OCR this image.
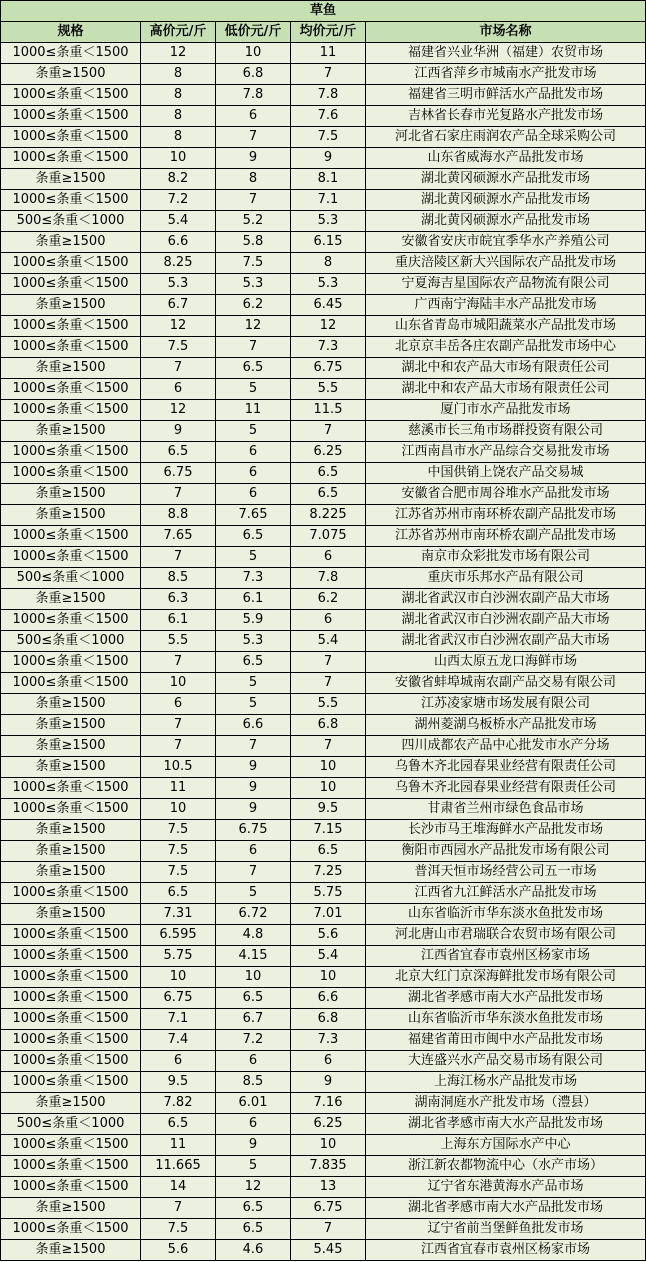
草鱼				
规格	高价元/斤	低价元/斤	均价元/斤	市场名称
1000≤条重＜1500	12	10	11	福建省兴业华洲（福建）农贸市场
条重≥1500	8	6.8	7	江西省萍乡市城南水产批发市场
1000≤条重＜1500	8	7.8	7.8	福建省三明市鲜活水产品批发市场
1000≤条重＜1500	8	6	7.6	吉林省长春市光复路水产批发市场
1000≤条重＜1500	8	7	7.5	河北省石家庄雨润农产品全球采购公司
1000≤条重＜1500	10	9	9	山东省威海水产品批发市场
条重≥1500	8.2	8	8.1	湖北黄冈硕源水产品批发市场
1000≤条重＜1500	7.2	7	7.1	湖北黄冈硕源水产品批发市场
500≤条重＜1000	5.4	5.2	5.3	湖北黄冈硕源水产品批发市场
条重≥1500	6.6	5.8	6.15	安徽省安庆市皖宜季华水产养殖公司
1000≤条重＜1500	8.25	7.5	8	重庆涪陵区新大兴国际农产品批发市场
1000≤条重＜1500	5.3	5.3	5.3	宁夏海吉星国际农产品物流有限公司
条重≥1500	6.7	6.2	6.45	广西南宁海陆丰水产品批发市场
1000≤条重＜1500	12	12	12	山东省青岛市城阳蔬菜水产品批发市场
1000≤条重＜1500	7.5	7	7.3	北京京丰岳各庄农副产品批发市场中心
条重≥1500	7	6.5	6.75	湖北中和农产品大市场有限责任公司
1000≤条重＜1500	6	5	5.5	湖北中和农产品大市场有限责任公司
1000≤条重＜1500	12	11	11.5	厦门市水产品批发市场
条重≥1500	9	5	7	慈溪市长三角市场群投资有限公司
1000≤条重＜1500	6.5	6	6.25	江西南昌市水产品综合交易批发市场
1000≤条重＜1500	6.75	6	6.5	中国供销上饶农产品交易城
条重≥1500	7	6	6.5	安徽省合肥市周谷堆水产品批发市场
条重≥1500	8.8	7.65	8.225	江苏省苏州市南环桥农副产品批发市场
1000≤条重＜1500	7.65	6.5	7.075	江苏省苏州市南环桥农副产品批发市场
1000≤条重＜1500	7	5	6	南京市众彩批发市场有限公司
500≤条重＜1000	8.5	7.3	7.8	重庆市乐邦水产品有限公司
条重≥1500	6.3	6.1	6.2	湖北省武汉市白沙洲农副产品大市场
1000≤条重＜1500	6.1	5.9	6	湖北省武汉市白沙洲农副产品大市场
500≤条重＜1000	5.5	5.3	5.4	湖北省武汉市白沙洲农副产品大市场
1000≤条重＜1500	7	6.5	7	山西太原五龙口海鲜市场
1000≤条重＜1500	10	5	7	安徽省蚌埠城南农副产品交易有限公司
条重≥1500	6	5	5.5	江苏凌家塘市场发展有限公司
条重≥1500	7	6.6	6.8	湖州菱湖乌板桥水产品批发市场
条重≥1500	7	7	7	四川成都农产品中心批发市水产分场
条重≥1500	10.5	9	10	乌鲁木齐北园春果业经营有限责任公司
1000≤条重＜1500	11	9	10	乌鲁木齐北园春果业经营有限责任公司
1000≤条重＜1500	10	9	9.5	甘肃省兰州市绿色食品市场
条重≥1500	7.5	6.75	7.15	长沙市马王堆海鲜水产品批发市场
条重≥1500	7.5	6	6.5	衡阳市西园水产品批发市场有限公司
条重≥1500	7.5	7	7.25	普洱天恒市场经营公司五一市场
1000≤条重＜1500	6.5	5	5.75	江西省九江鲜活水产品批发市场
条重≥1500	7.31	6.72	7.01	山东省临沂市华东淡水鱼批发市场
1000≤条重＜1500	6.595	4.8	5.6	河北唐山市君瑞联合农贸市场有限公司
1000≤条重＜1500	5.75	4.15	5.4	江西省宜春市袁州区杨家市场
1000≤条重＜1500	10	10	10	北京大红门京深海鲜批发市场有限公司
1000≤条重＜1500	6.75	6.5	6.6	湖北省孝感市南大水产品批发市场
1000≤条重＜1500	7.1	6.7	6.8	山东省临沂市华东淡水鱼批发市场
1000≤条重＜1500	7.4	7.2	7.3	福建省莆田市闽中水产品批发市场
1000≤条重＜1500	6	6	6	大连盛兴水产品交易市场有限公司
1000≤条重＜1500	9.5	8.5	9	上海江杨水产品批发市场
条重≥1500	7.82	6.01	7.16	湖南洞庭水产批发市场（澧县）
500≤条重＜1000	6.5	6	6.25	湖北省孝感市南大水产品批发市场
1000≤条重＜1500	11	9	10	上海东方国际水产中心
1000≤条重＜1500	11.665	5	7.835	浙江新农都物流中心（水产市场）
1000≤条重＜1500	14	12	13	辽宁省东港黄海水产品市场
条重≥1500	7	6.5	6.75	湖北省孝感市南大水产品批发市场
1000≤条重＜1500	7.5	6.5	7	辽宁省前当堡鲜鱼批发市场
条重≥1500	5.6	4.6	5.45	江西省宜春市袁州区杨家市场
